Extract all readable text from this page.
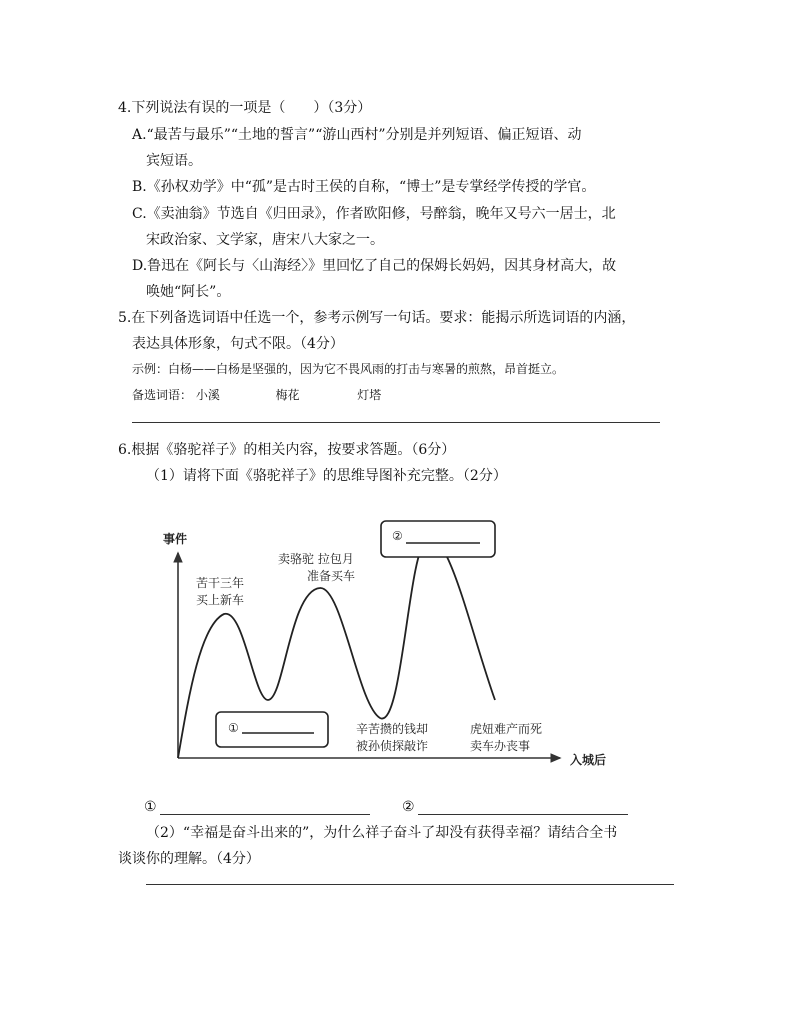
4.下列说法有误的一项是（　　）（3分）
A.“最苦与最乐”“土地的誓言”“游山西村”分别是并列短语、偏正短语、动
宾短语。
B.《孙权劝学》中“孤”是古时王侯的自称，“博士”是专掌经学传授的学官。
C.《卖油翁》节选自《归田录》，作者欧阳修，号醉翁，晚年又号六一居士，北
宋政治家、文学家，唐宋八大家之一。
D.鲁迅在《阿长与〈山海经〉》里回忆了自己的保姆长妈妈，因其身材高大，故
唤她“阿长”。
5.在下列备选词语中任选一个，参考示例写一句话。要求：能揭示所选词语的内涵，
表达具体形象，句式不限。（4分）
示例：白杨——白杨是坚强的，因为它不畏风雨的打击与寒暑的煎熬，昂首挺立。
备选词语： 小溪	梅花	灯塔
6.根据《骆驼祥子》的相关内容，按要求答题。（6分）
（1）请将下面《骆驼祥子》的思维导图补充完整。（2分）
事件
入城后
苦干三年
买上新车
卖骆驼 拉包月
准备买车
辛苦攒的钱却
被孙侦探敲诈
虎妞难产而死
卖车办丧事
①
②
①	②
（2）“幸福是奋斗出来的”，为什么祥子奋斗了却没有获得幸福？请结合全书
谈谈你的理解。（4分）
